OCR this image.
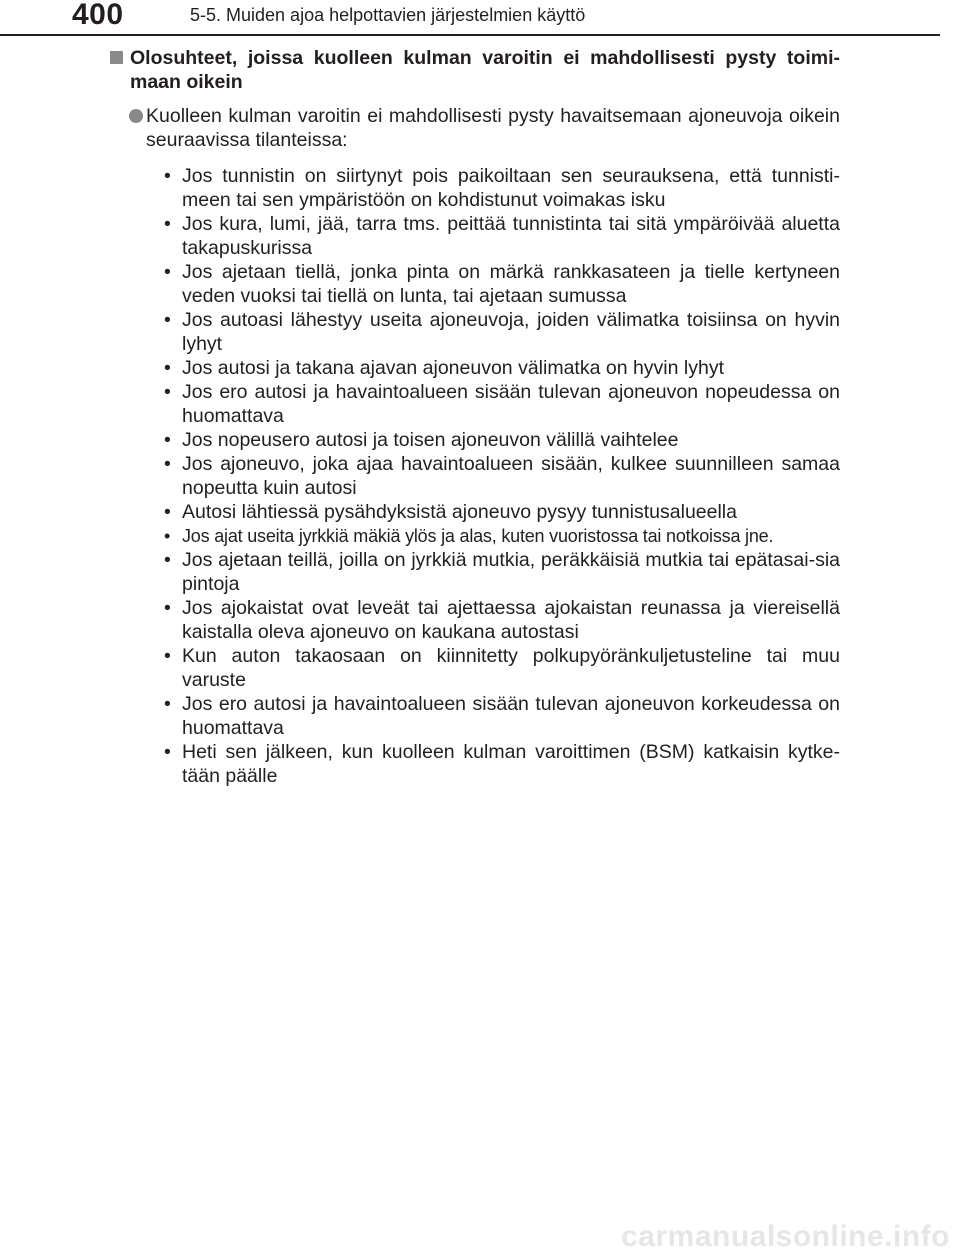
400	5-5. Muiden ajoa helpottavien järjestelmien käyttö
Olosuhteet, joissa kuolleen kulman varoitin ei mahdollisesti pysty toimi-maan oikein
Kuolleen kulman varoitin ei mahdollisesti pysty havaitsemaan ajoneuvoja oikein seuraavissa tilanteissa:
• Jos tunnistin on siirtynyt pois paikoiltaan sen seurauksena, että tunnisti-meen tai sen ympäristöön on kohdistunut voimakas isku
• Jos kura, lumi, jää, tarra tms. peittää tunnistinta tai sitä ympäröivää aluetta takapuskurissa
• Jos ajetaan tiellä, jonka pinta on märkä rankkasateen ja tielle kertyneen veden vuoksi tai tiellä on lunta, tai ajetaan sumussa
• Jos autoasi lähestyy useita ajoneuvoja, joiden välimatka toisiinsa on hyvin lyhyt
• Jos autosi ja takana ajavan ajoneuvon välimatka on hyvin lyhyt
• Jos ero autosi ja havaintoalueen sisään tulevan ajoneuvon nopeudessa on huomattava
• Jos nopeusero autosi ja toisen ajoneuvon välillä vaihtelee
• Jos ajoneuvo, joka ajaa havaintoalueen sisään, kulkee suunnilleen samaa nopeutta kuin autosi
• Autosi lähtiessä pysähdyksistä ajoneuvo pysyy tunnistusalueella
• Jos ajat useita jyrkkiä mäkiä ylös ja alas, kuten vuoristossa tai notkoissa jne.
• Jos ajetaan teillä, joilla on jyrkkiä mutkia, peräkkäisiä mutkia tai epätasai-sia pintoja
• Jos ajokaistat ovat leveät tai ajettaessa ajokaistan reunassa ja viereisellä kaistalla oleva ajoneuvo on kaukana autostasi
• Kun auton takaosaan on kiinnitetty polkupyöränkuljetusteline tai muu varuste
• Jos ero autosi ja havaintoalueen sisään tulevan ajoneuvon korkeudessa on huomattava
• Heti sen jälkeen, kun kuolleen kulman varoittimen (BSM) katkaisin kytke-tään päälle
carmanualsonline.info
